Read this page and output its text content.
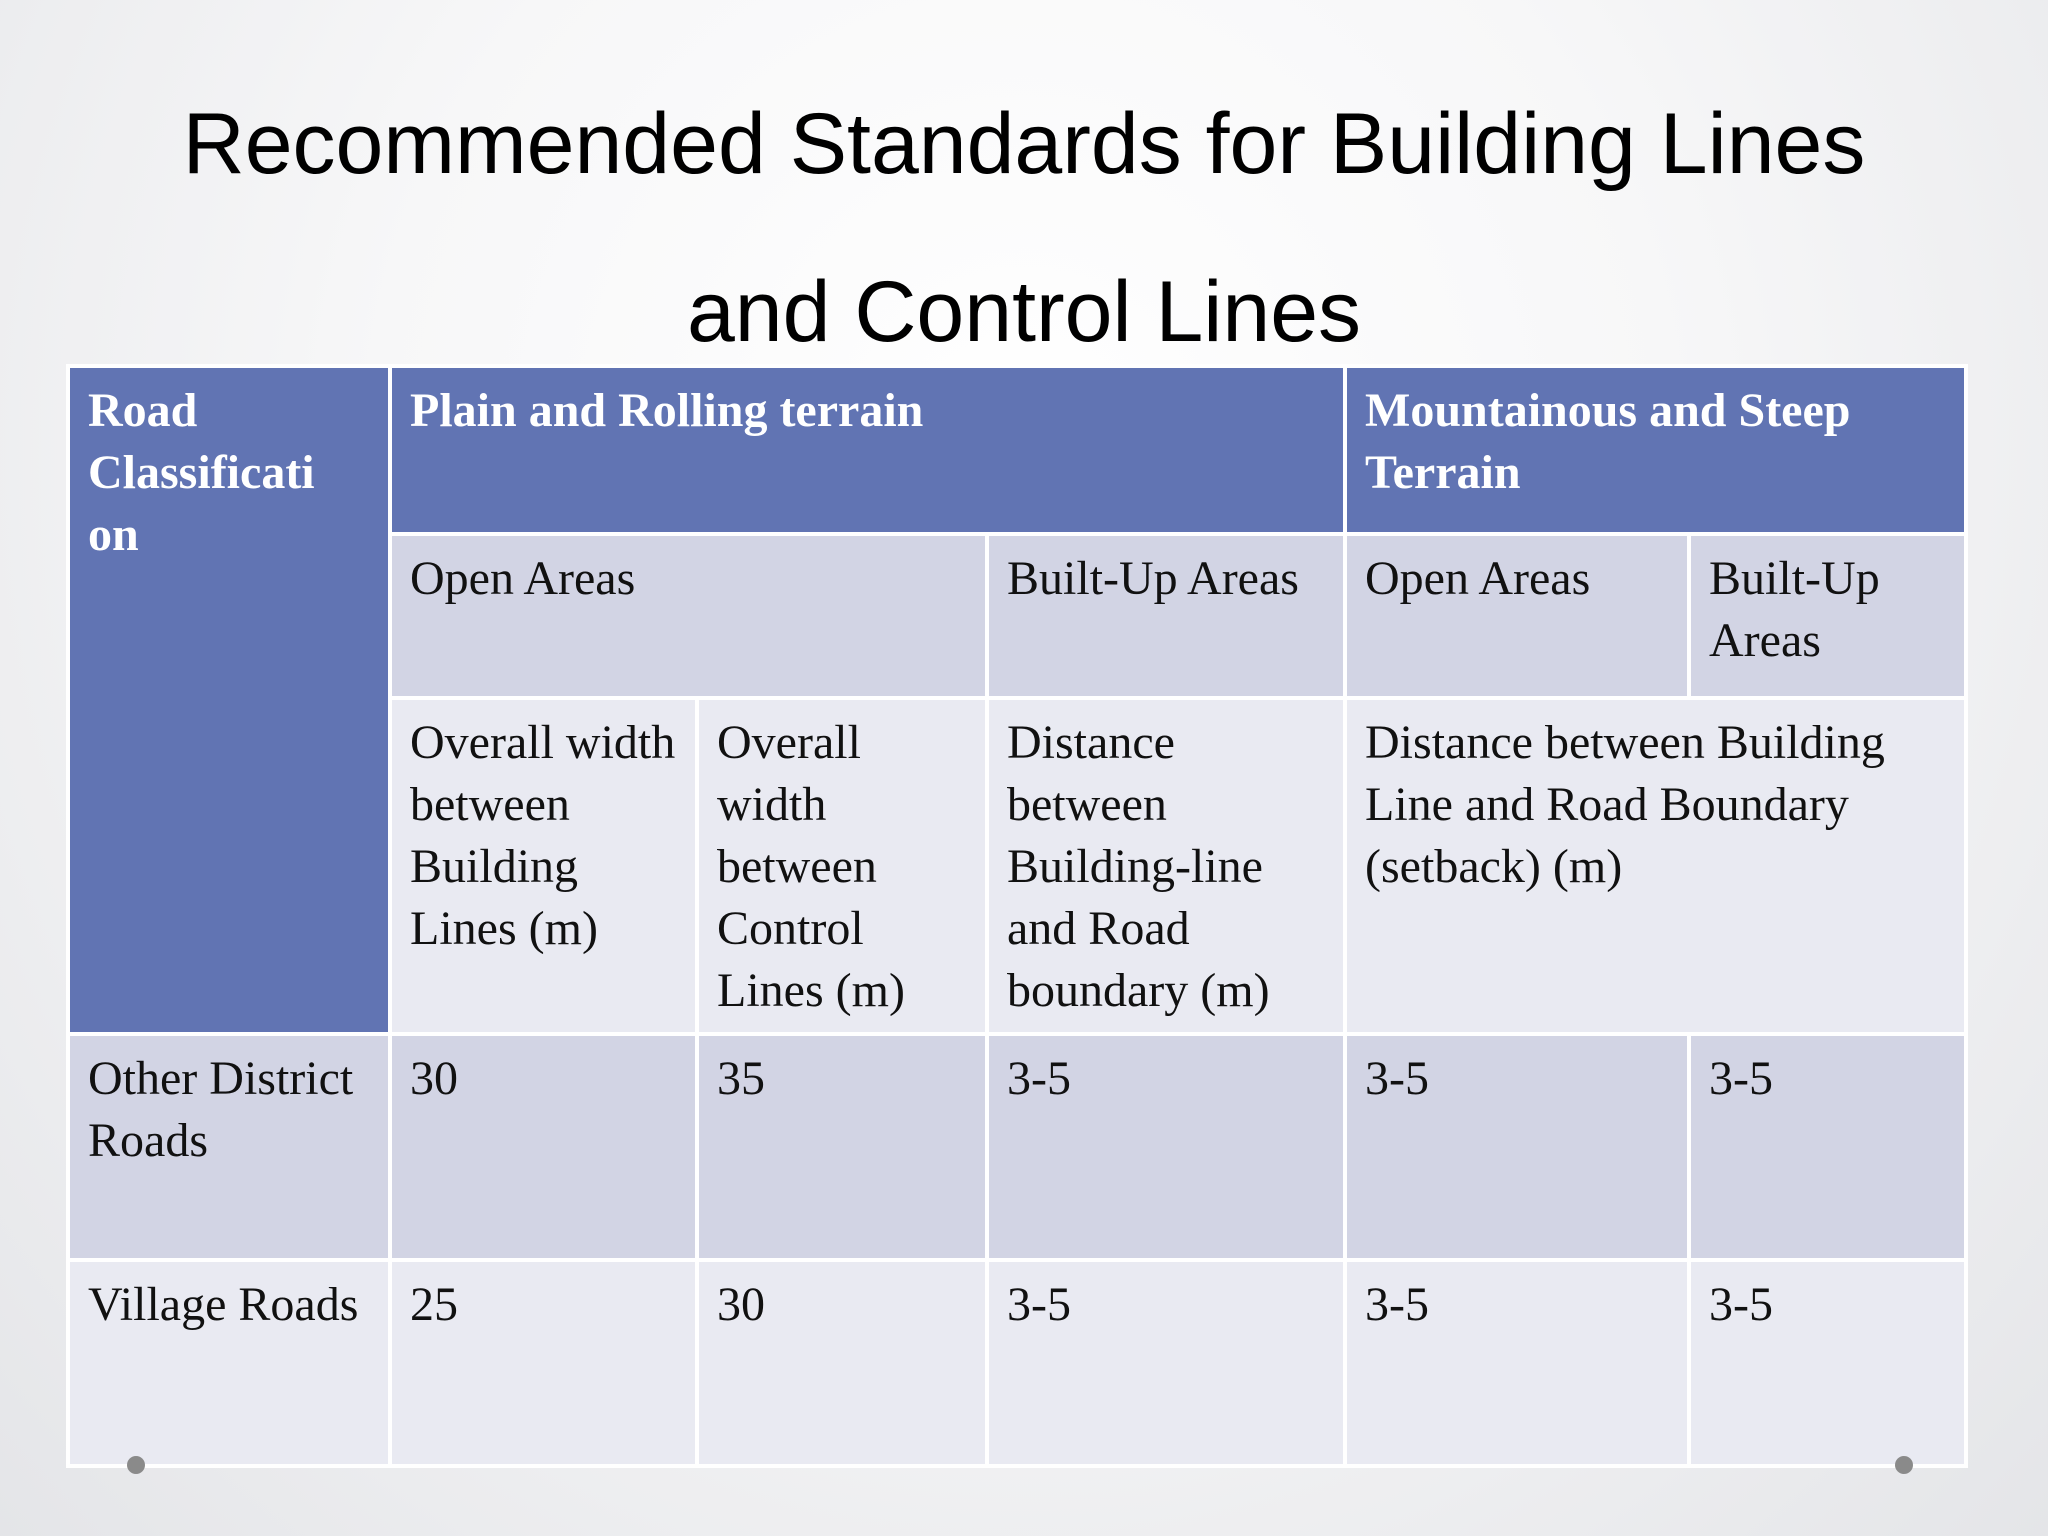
Recommended Standards for Building Lines
and Control Lines
Road Classificati on	Plain and Rolling terrain			Mountainous and Steep Terrain	
	Open Areas		Built-Up Areas	Open Areas	Built-Up Areas
	Overall width between Building Lines (m)	Overall width between Control Lines (m)	Distance between Building-line and Road boundary (m)	Distance between Building Line and Road Boundary (setback) (m)	
Other District Roads	30	35	3-5	3-5	3-5
Village Roads	25	30	3-5	3-5	3-5
